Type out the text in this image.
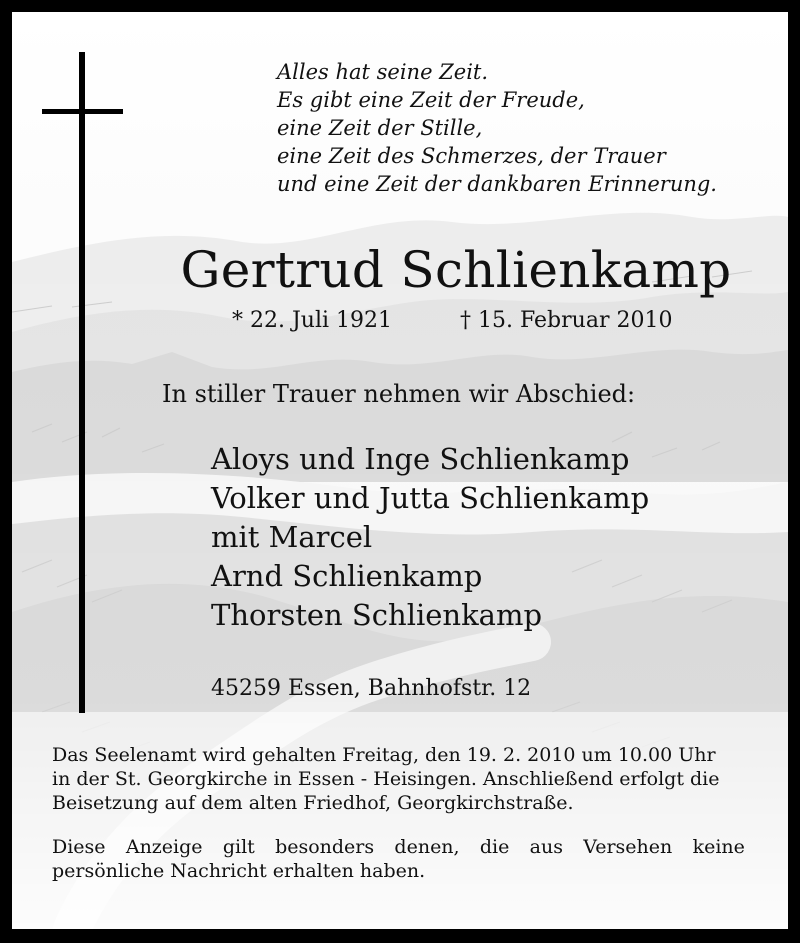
Alles hat seine Zeit.
Es gibt eine Zeit der Freude,
eine Zeit der Stille,
eine Zeit des Schmerzes, der Trauer
und eine Zeit der dankbaren Erinnerung.
Gertrud Schlienkamp
* 22. Juli 1921	† 15. Februar 2010
In stiller Trauer nehmen wir Abschied:
Aloys und Inge Schlienkamp
Volker und Jutta Schlienkamp
mit Marcel
Arnd Schlienkamp
Thorsten Schlienkamp
45259 Essen, Bahnhofstr. 12
Das Seelenamt wird gehalten Freitag, den 19. 2. 2010 um 10.00 Uhr
in der St. Georgkirche in Essen - Heisingen. Anschließend erfolgt die
Beisetzung auf dem alten Friedhof, Georgkirchstraße.
Diese Anzeige gilt besonders denen, die aus Versehen keine
persönliche Nachricht erhalten haben.
